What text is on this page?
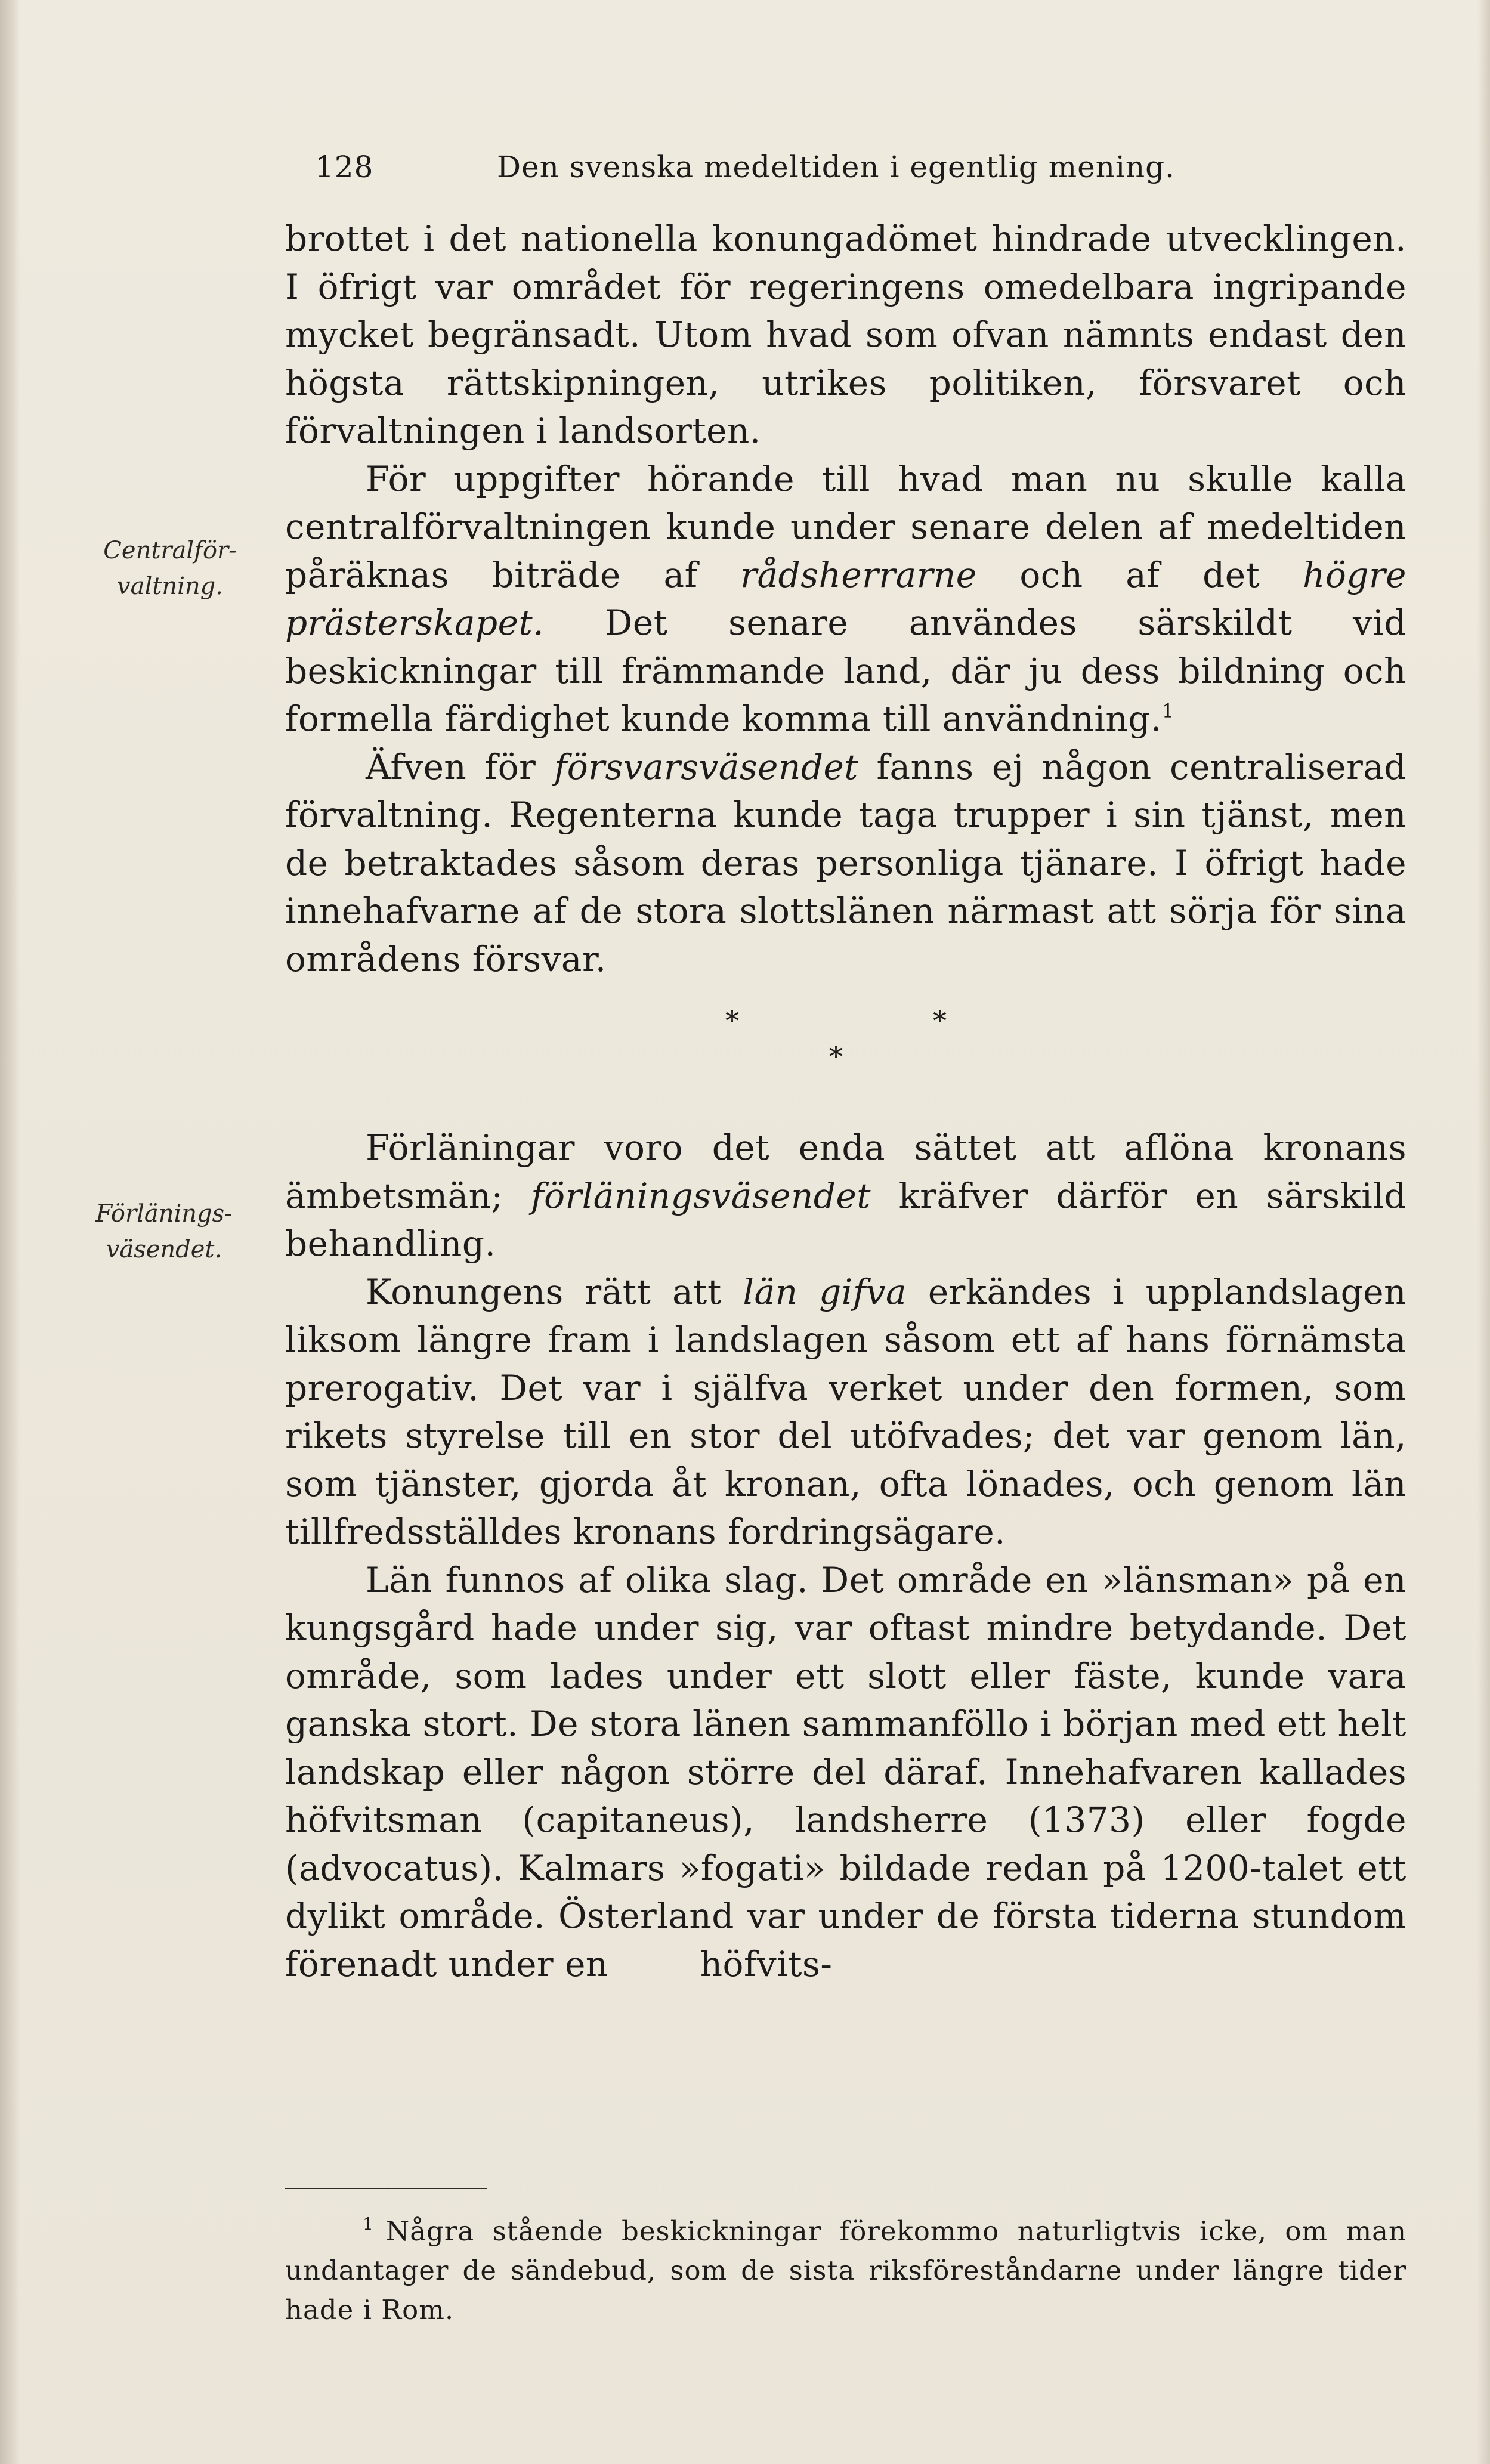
128	Den svenska medeltiden i egentlig mening.
Centralför-
valtning.
Förlänings-
väsendet.

brottet i det nationella konungadömet hindrade utvecklingen. I öfrigt var området för regeringens omedelbara ingripande mycket begränsadt. Utom hvad som ofvan nämnts endast den högsta rättskipningen, utrikes politiken, försvaret och förvaltningen i landsorten.

För uppgifter hörande till hvad man nu skulle kalla centralförvaltningen kunde under senare delen af medeltiden påräknas biträde af rådsherrarne och af det högre prästerskapet. Det senare användes särskildt vid beskickningar till främmande land, där ju dess bildning och formella färdighet kunde komma till användning.$^1$

Äfven för försvarsväsendet fanns ej någon centraliserad förvaltning. Regenterna kunde taga trupper i sin tjänst, men de betraktades såsom deras personliga tjänare. I öfrigt hade innehafvarne af de stora slottslänen närmast att sörja för sina områdens försvar.

*	*
*

Förläningar voro det enda sättet att aflöna kronans ämbetsmän; förläningsväsendet kräfver därför en särskild behandling.

Konungens rätt att län gifva erkändes i upplandslagen liksom längre fram i landslagen såsom ett af hans förnämsta prerogativ. Det var i själfva verket under den formen, som rikets styrelse till en stor del utöfvades; det var genom län, som tjänster, gjorda åt kronan, ofta lönades, och genom län tillfredsställdes kronans fordringsägare.

Län funnos af olika slag. Det område en »länsman» på en kungsgård hade under sig, var oftast mindre betydande. Det område, som lades under ett slott eller fäste, kunde vara ganska stort. De stora länen sammanföllo i början med ett helt landskap eller någon större del däraf. Innehafvaren kallades höfvitsman (capitaneus), landsherre (1373) eller fogde (advocatus). Kalmars »fogati» bildade redan på 1200-talet ett dylikt område. Österland var under de första tiderna stundom förenadt under en höfvits-

$^1$ Några stående beskickningar förekommo naturligtvis icke, om man undantager de sändebud, som de sista riksföreståndarne under längre tider hade i Rom.
